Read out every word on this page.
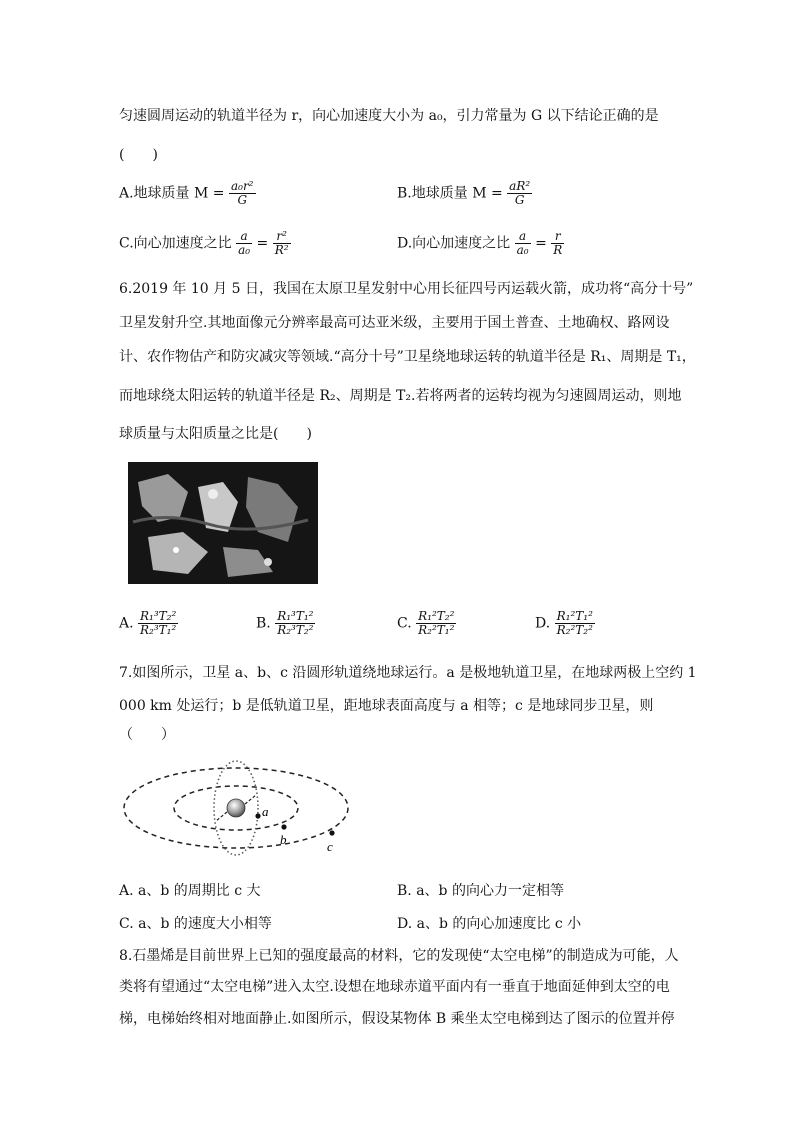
匀速圆周运动的轨道半径为 r，向心加速度大小为 a₀，引力常量为 G 以下结论正确的是
(　　)
A.地球质量 $M = \frac{\text{a₀r²}}{G}$	B.地球质量 $M = \frac{\text{aR²}}{G}$
C.向心加速度之比 $\frac{a}{\text{a₀}} = \frac{\text{r²}}{\text{R²}}$	D.向心加速度之比 $\frac{a}{\text{a₀}} = \frac{r}{R}$
6.2019 年 10 月 5 日，我国在太原卫星发射中心用长征四号丙运载火箭，成功将“高分十号”
卫星发射升空.其地面像元分辨率最高可达亚米级，主要用于国土普查、土地确权、路网设
计、农作物估产和防灾减灾等领域.“高分十号”卫星绕地球运转的轨道半径是 R₁、周期是 T₁，
而地球绕太阳运转的轨道半径是 R₂、周期是 T₂.若将两者的运转均视为匀速圆周运动，则地
球质量与太阳质量之比是(　　)
A. $\frac{\text{R₁³T₂²}}{\text{R₂³T₁²}}$	B. $\frac{\text{R₁³T₁²}}{\text{R₂³T₂²}}$	C. $\frac{\text{R₁²T₂²}}{\text{R₂²T₁²}}$	D. $\frac{\text{R₁²T₁²}}{\text{R₂²T₂²}}$
7.如图所示，卫星 a、b、c 沿圆形轨道绕地球运行。a 是极地轨道卫星，在地球两极上空约 1
000 km 处运行；b 是低轨道卫星，距地球表面高度与 a 相等；c 是地球同步卫星，则
（　　）
a
b	c
A. a、b 的周期比 c 大	B. a、b 的向心力一定相等
C. a、b 的速度大小相等	D. a、b 的向心加速度比 c 小
8.石墨烯是目前世界上已知的强度最高的材料，它的发现使“太空电梯”的制造成为可能，人
类将有望通过“太空电梯”进入太空.设想在地球赤道平面内有一垂直于地面延伸到太空的电
梯，电梯始终相对地面静止.如图所示，假设某物体 B 乘坐太空电梯到达了图示的位置并停
